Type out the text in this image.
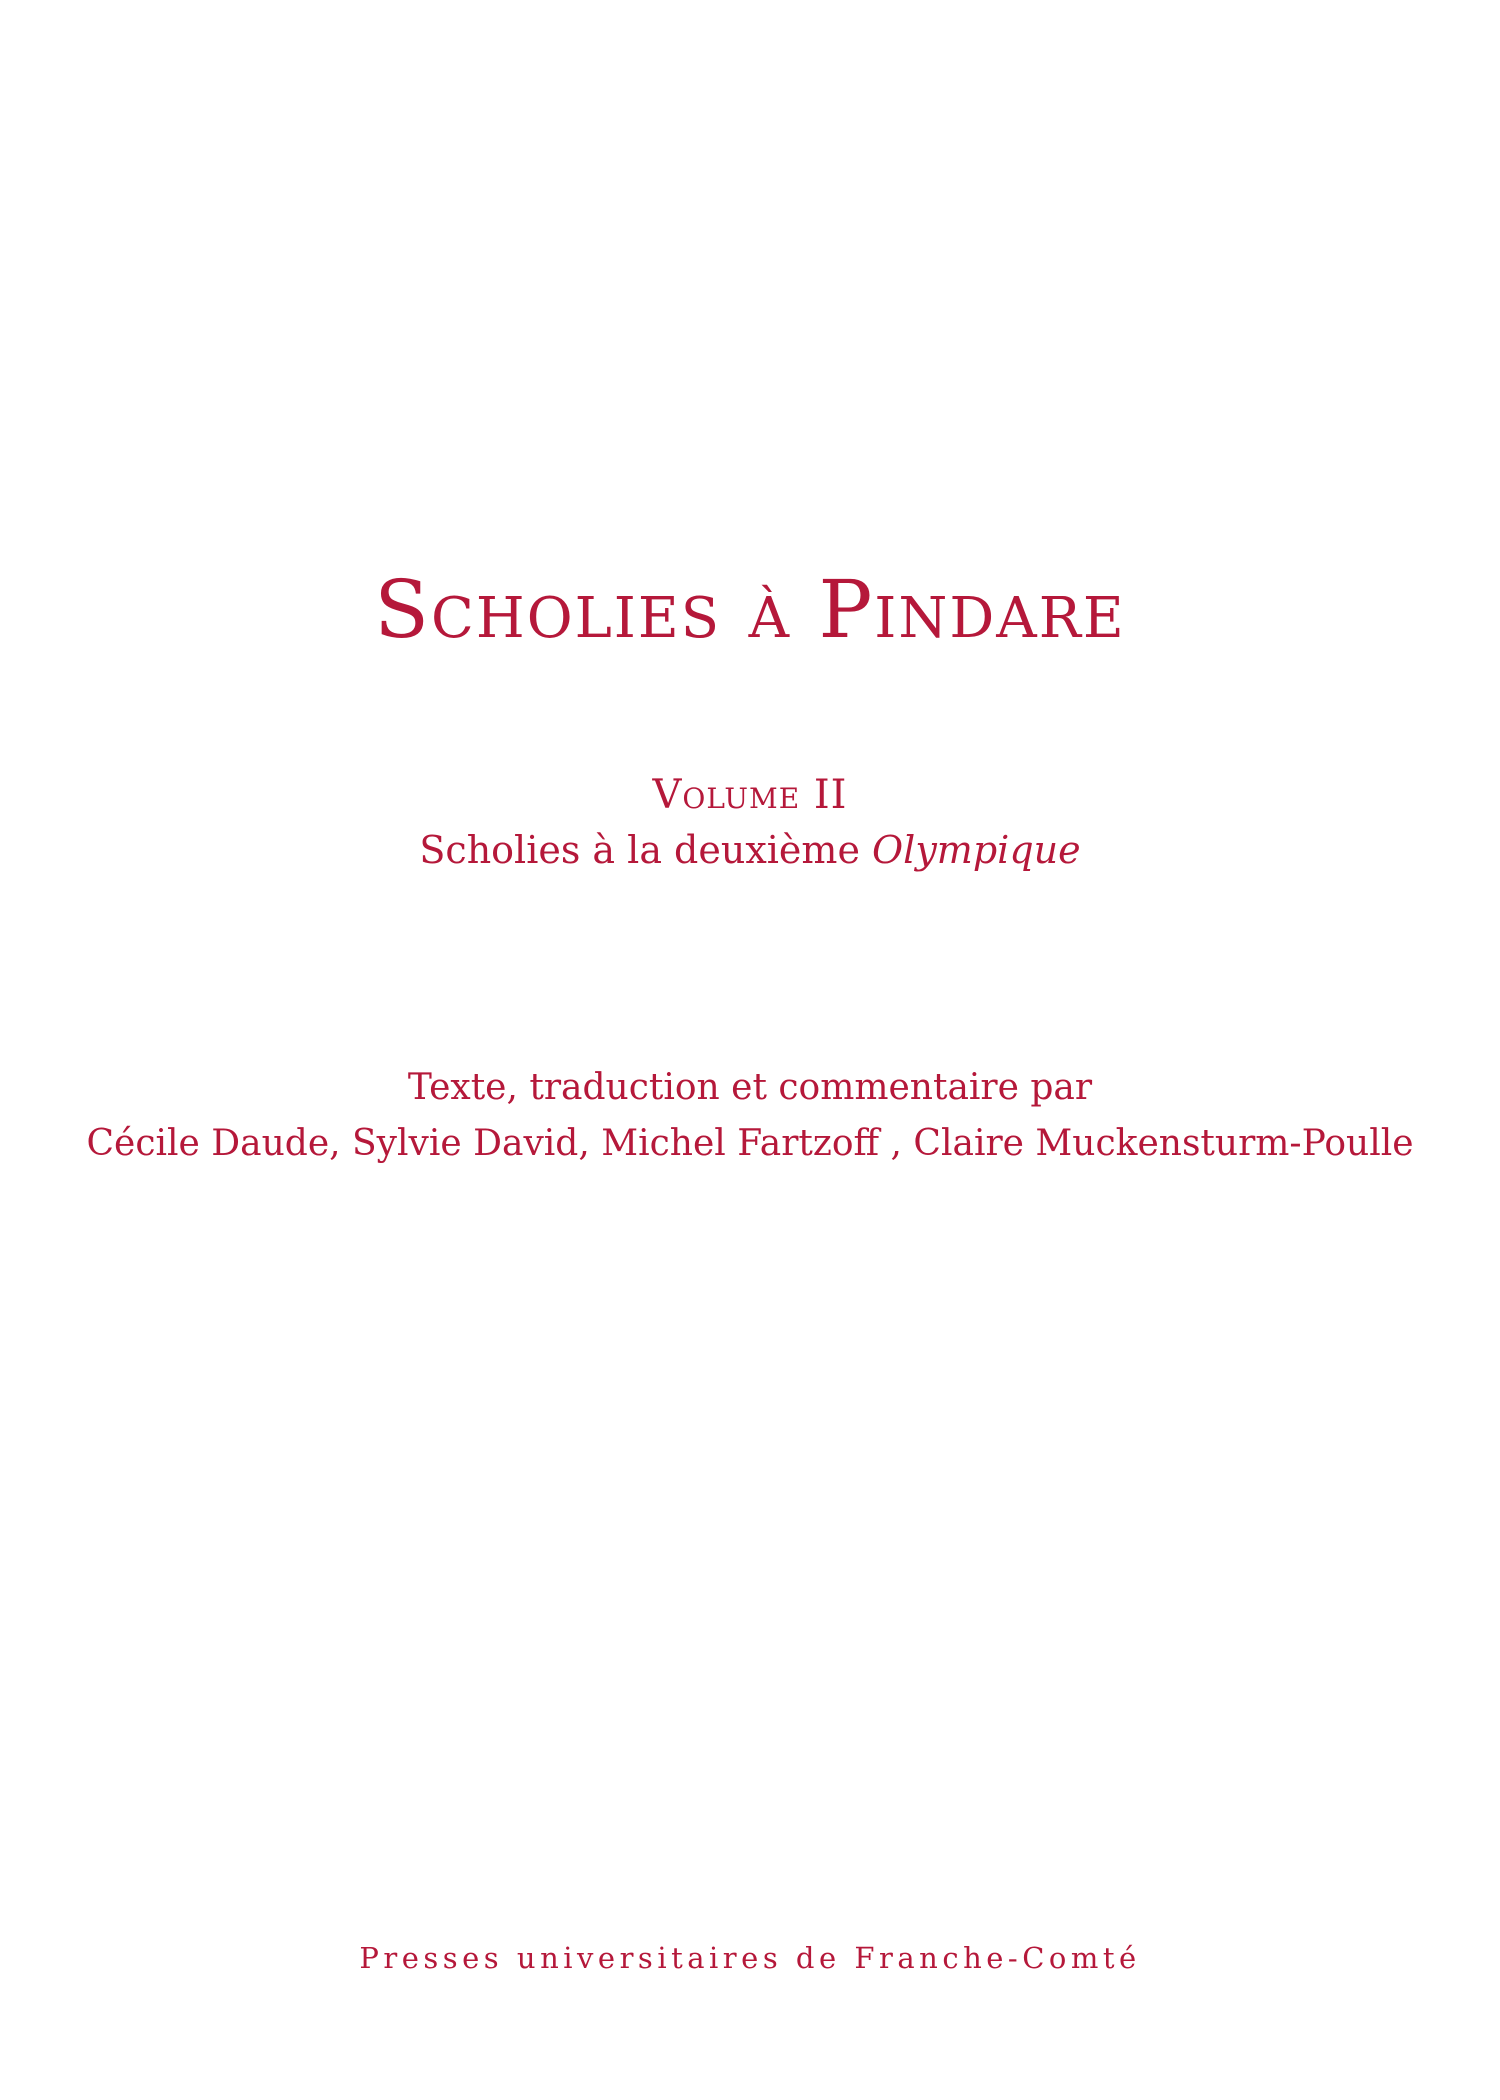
Scholies à Pindare
Volume II
Scholies à la deuxième Olympique
Texte, traduction et commentaire par
Cécile Daude, Sylvie David, Michel Fartzoff , Claire Muckensturm-Poulle
Presses universitaires de Franche-Comté
